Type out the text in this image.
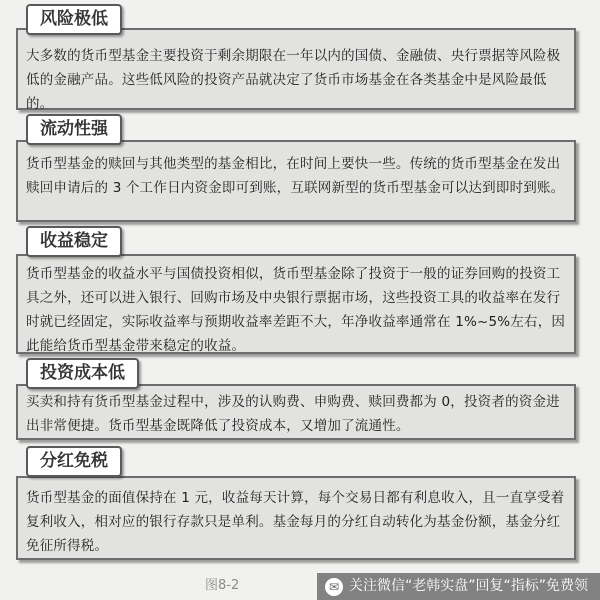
风险极低
大多数的货币型基金主要投资于剩余期限在一年以内的国债、金融债、央行票据等风险极低的金融产品。这些低风险的投资产品就决定了货币市场基金在各类基金中是风险最低的。
流动性强
货币型基金的赎回与其他类型的基金相比，在时间上要快一些。传统的货币型基金在发出赎回申请后的 3 个工作日内资金即可到账，互联网新型的货币型基金可以达到即时到账。
收益稳定
货币型基金的收益水平与国债投资相似，货币型基金除了投资于一般的证券回购的投资工具之外，还可以进入银行、回购市场及中央银行票据市场，这些投资工具的收益率在发行时就已经固定，实际收益率与预期收益率差距不大，年净收益率通常在 1%~5%左右，因此能给货币型基金带来稳定的收益。
投资成本低
买卖和持有货币型基金过程中，涉及的认购费、申购费、赎回费都为 0，投资者的资金进出非常便捷。货币型基金既降低了投资成本，又增加了流通性。
分红免税
货币型基金的面值保持在 1 元，收益每天计算，每个交易日都有利息收入，且一直享受着复利收入，相对应的银行存款只是单利。基金每月的分红自动转化为基金份额，基金分红免征所得税。
图8-2	✉ 关注微信“老韩实盘”回复“指标”免费领
